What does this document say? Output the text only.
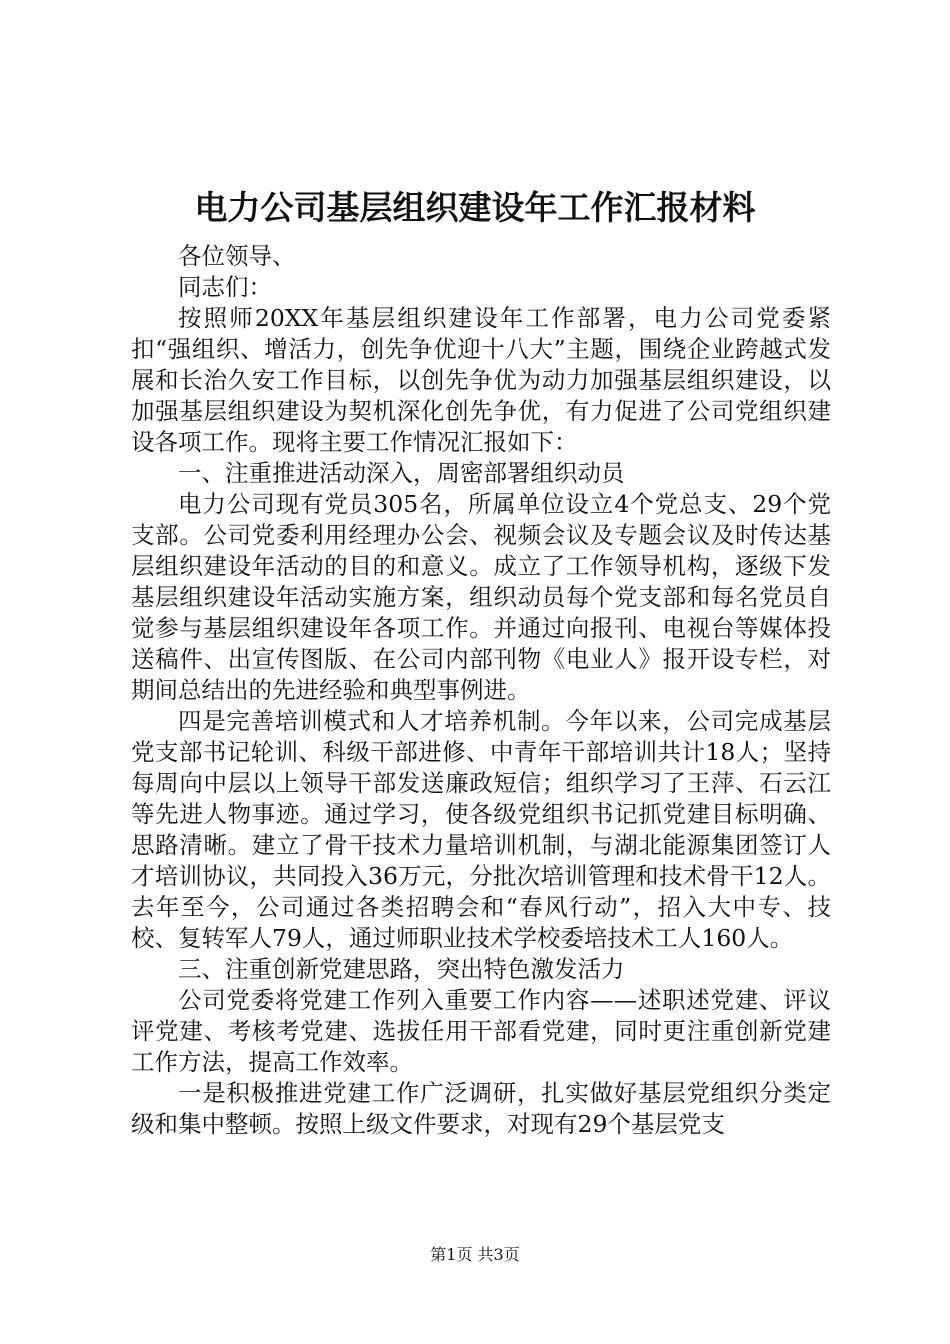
电力公司基层组织建设年工作汇报材料

各位领导、

同志们：

按照师20XX年基层组织建设年工作部署，电力公司党委紧扣“强组织、增活力，创先争优迎十八大”主题，围绕企业跨越式发展和长治久安工作目标，以创先争优为动力加强基层组织建设，以加强基层组织建设为契机深化创先争优，有力促进了公司党组织建设各项工作。现将主要工作情况汇报如下：

一、注重推进活动深入，周密部署组织动员

电力公司现有党员305名，所属单位设立4个党总支、29个党支部。公司党委利用经理办公会、视频会议及专题会议及时传达基层组织建设年活动的目的和意义。成立了工作领导机构，逐级下发基层组织建设年活动实施方案，组织动员每个党支部和每名党员自觉参与基层组织建设年各项工作。并通过向报刊、电视台等媒体投送稿件、出宣传图版、在公司内部刊物《电业人》报开设专栏，对期间总结出的先进经验和典型事例进。

四是完善培训模式和人才培养机制。今年以来，公司完成基层党支部书记轮训、科级干部进修、中青年干部培训共计18人；坚持每周向中层以上领导干部发送廉政短信；组织学习了王萍、石云江等先进人物事迹。通过学习，使各级党组织书记抓党建目标明确、思路清晰。建立了骨干技术力量培训机制，与湖北能源集团签订人才培训协议，共同投入36万元，分批次培训管理和技术骨干12人。去年至今，公司通过各类招聘会和“春风行动”，招入大中专、技校、复转军人79人，通过师职业技术学校委培技术工人160人。

三、注重创新党建思路，突出特色激发活力

公司党委将党建工作列入重要工作内容——述职述党建、评议评党建、考核考党建、选拔任用干部看党建，同时更注重创新党建工作方法，提高工作效率。

一是积极推进党建工作广泛调研，扎实做好基层党组织分类定级和集中整顿。按照上级文件要求，对现有29个基层党支

第1页 共3页
